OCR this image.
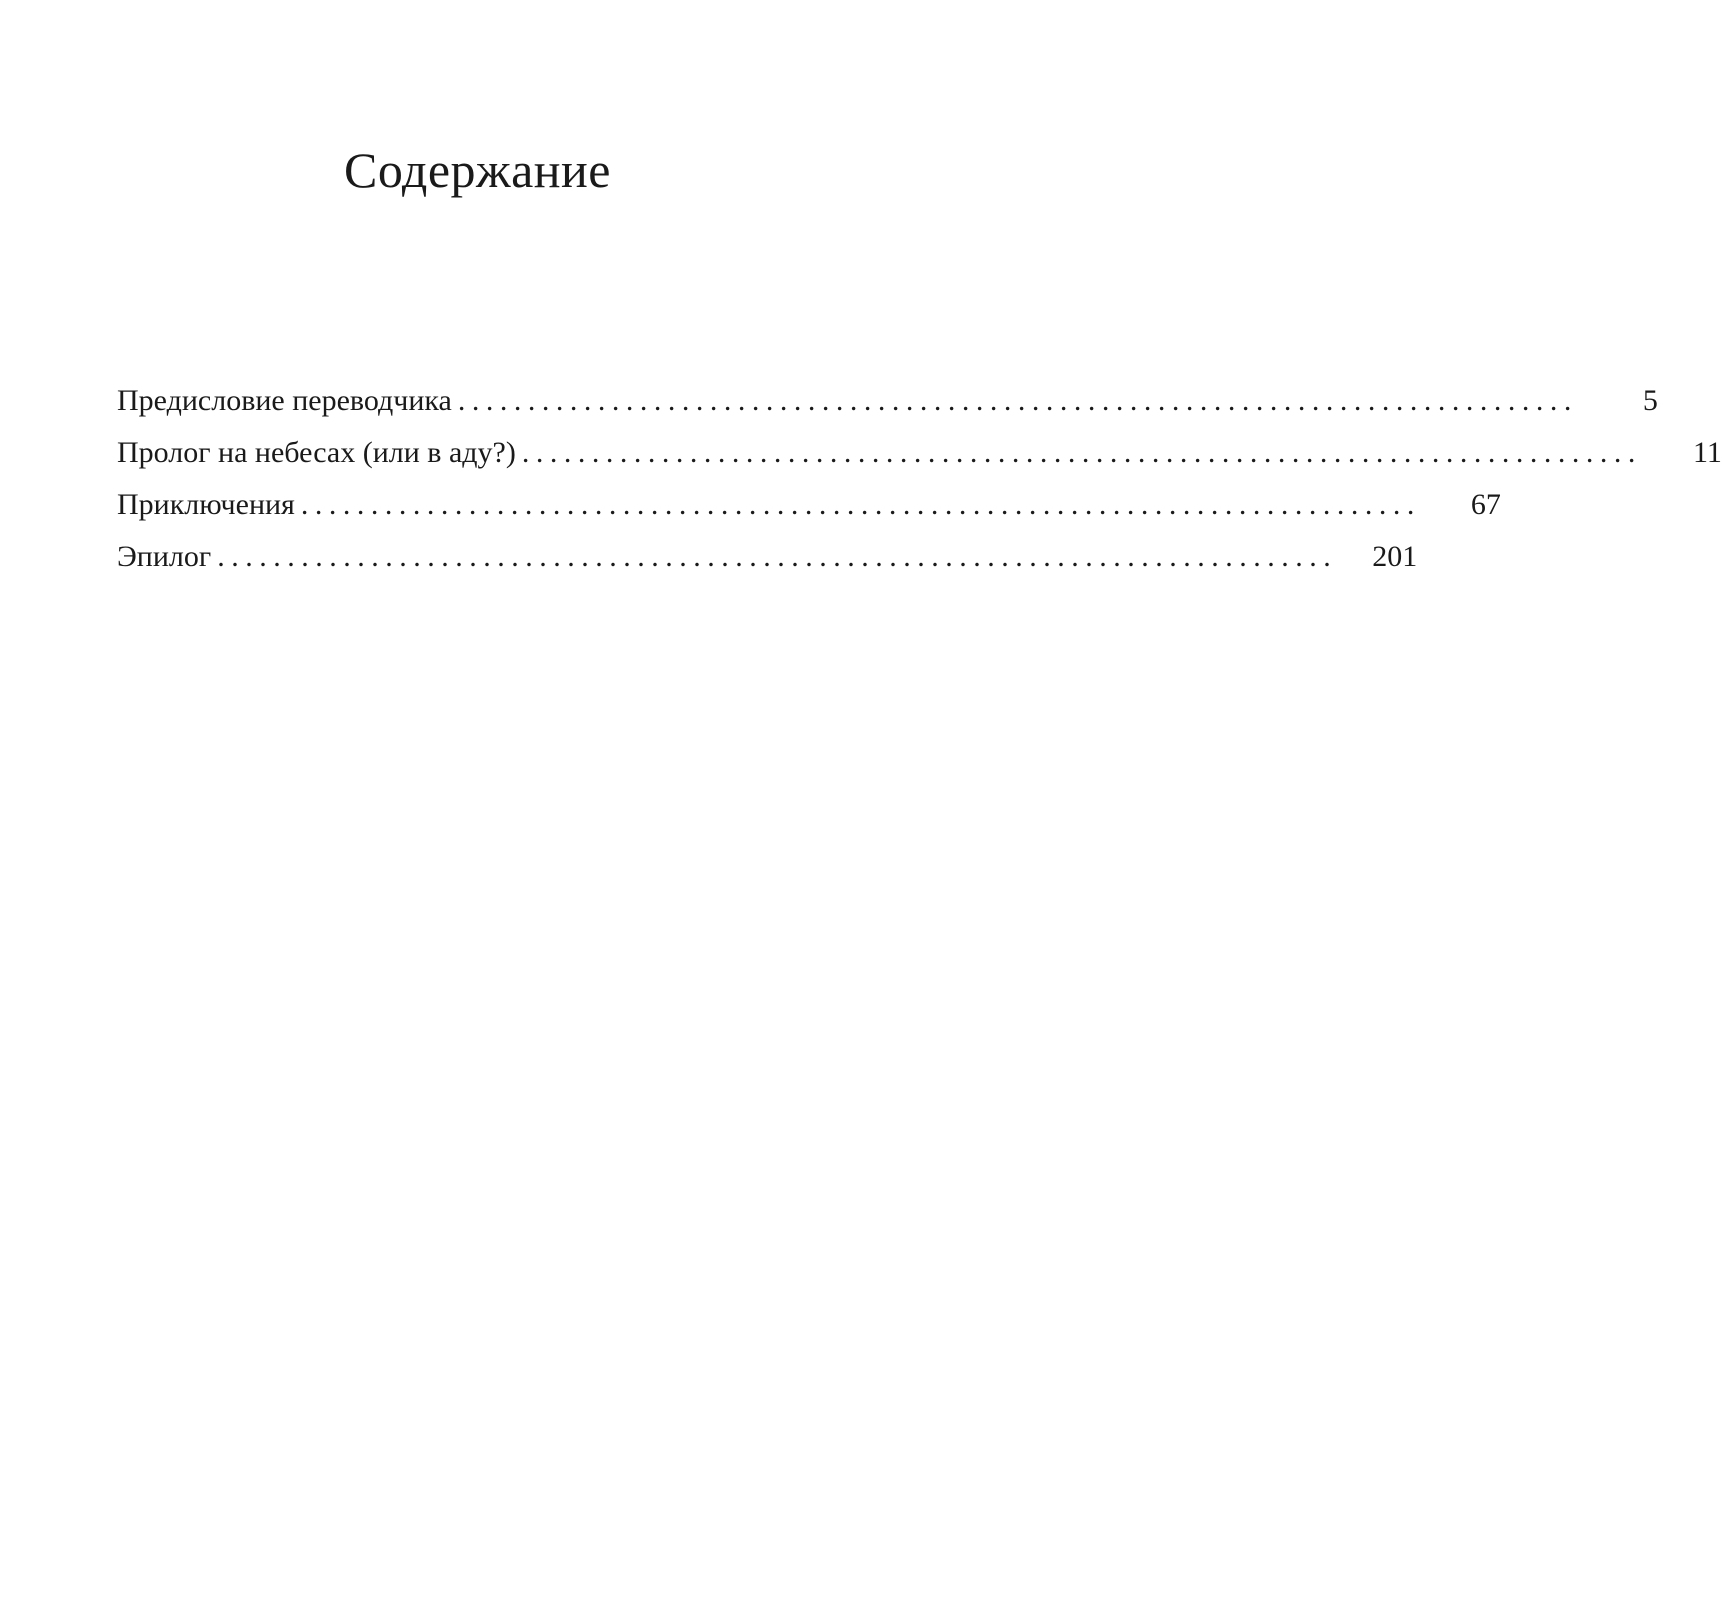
Содержание
Предисловие переводчика ................................................................................	5
Пролог на небесах (или в аду?) ................................................................................	11
Приключения ................................................................................	67
Эпилог ................................................................................ 201
